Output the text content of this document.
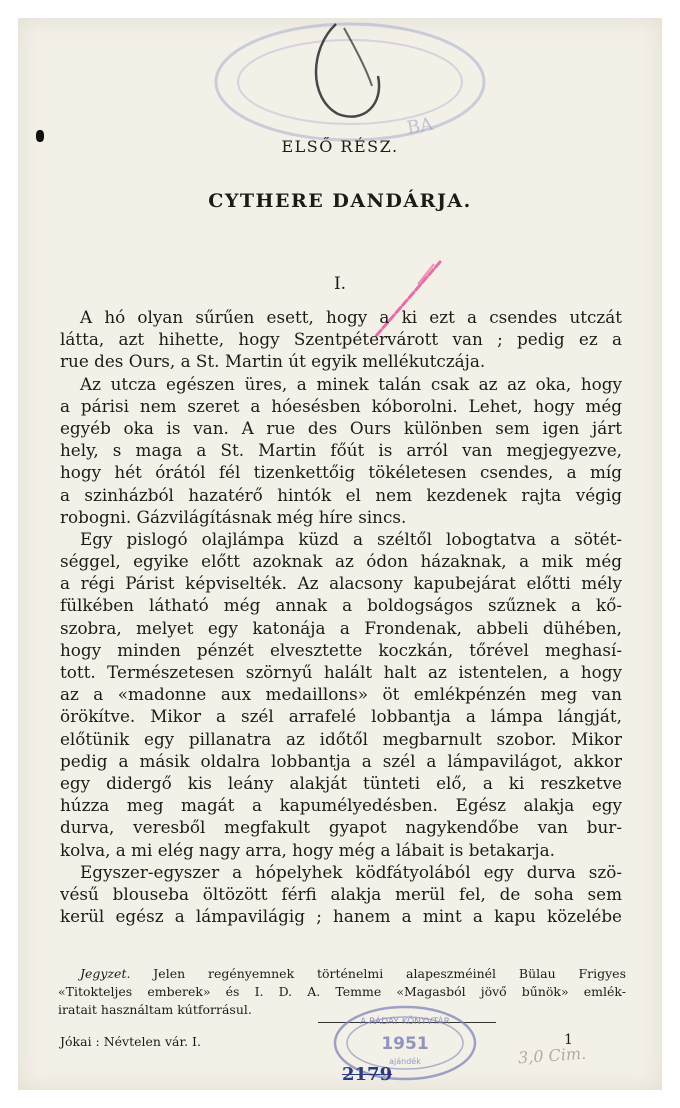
BA
ELSŐ RÉSZ.
CYTHERE DANDÁRJA.
I.
A hó olyan sűrűen esett, hogy a ki ezt a csendes utczát
látta, azt hihette, hogy Szentpétervárott van ; pedig ez a
rue des Ours, a St. Martin út egyik mellékutczája.
Az utcza egészen üres, a minek talán csak az az oka, hogy
a párisi nem szeret a hóesésben kóborolni. Lehet, hogy még
egyéb oka is van. A rue des Ours különben sem igen járt
hely, s maga a St. Martin főút is arról van megjegyezve,
hogy hét órától fél tizenkettőig tökéletesen csendes, a míg
a szinházból hazatérő hintók el nem kezdenek rajta végig
robogni. Gázvilágításnak még híre sincs.
Egy pislogó olajlámpa küzd a széltől lobogtatva a sötét-
séggel, egyike előtt azoknak az ódon házaknak, a mik még
a régi Párist képviselték. Az alacsony kapubejárat előtti mély
fülkében látható még annak a boldogságos szűznek a kő-
szobra, melyet egy katonája a Frondenak, abbeli dühében,
hogy minden pénzét elvesztette koczkán, tőrével meghasí-
tott. Természetesen szörnyű halált halt az istentelen, a hogy
az a «madonne aux medaillons» öt emlékpénzén meg van
örökítve. Mikor a szél arrafelé lobbantja a lámpa lángját,
előtünik egy pillanatra az időtől megbarnult szobor. Mikor
pedig a másik oldalra lobbantja a szél a lámpavilágot, akkor
egy didergő kis leány alakját tünteti elő, a ki reszketve
húzza meg magát a kapumélyedésben. Egész alakja egy
durva, veresből megfakult gyapot nagykendőbe van bur-
kolva, a mi elég nagy arra, hogy még a lábait is betakarja.
Egyszer-egyszer a hópelyhek ködfátyolából egy durva szö-
vésű blouseba öltözött férfi alakja merül fel, de soha sem
kerül egész a lámpavilágig ; hanem a mint a kapu közelébe
Jegyzet. Jelen regényemnek történelmi alapeszméinél Bülau Frigyes
«Titokteljes emberek» és I. D. A. Temme «Magasból jövő bűnök» emlék-
iratait használtam kútforrásul.
A RÁDAY KÖNYVTÁR
1951
ajándék
Jókai : Névtelen vár. I.	1
3,0 Cim.
2179
